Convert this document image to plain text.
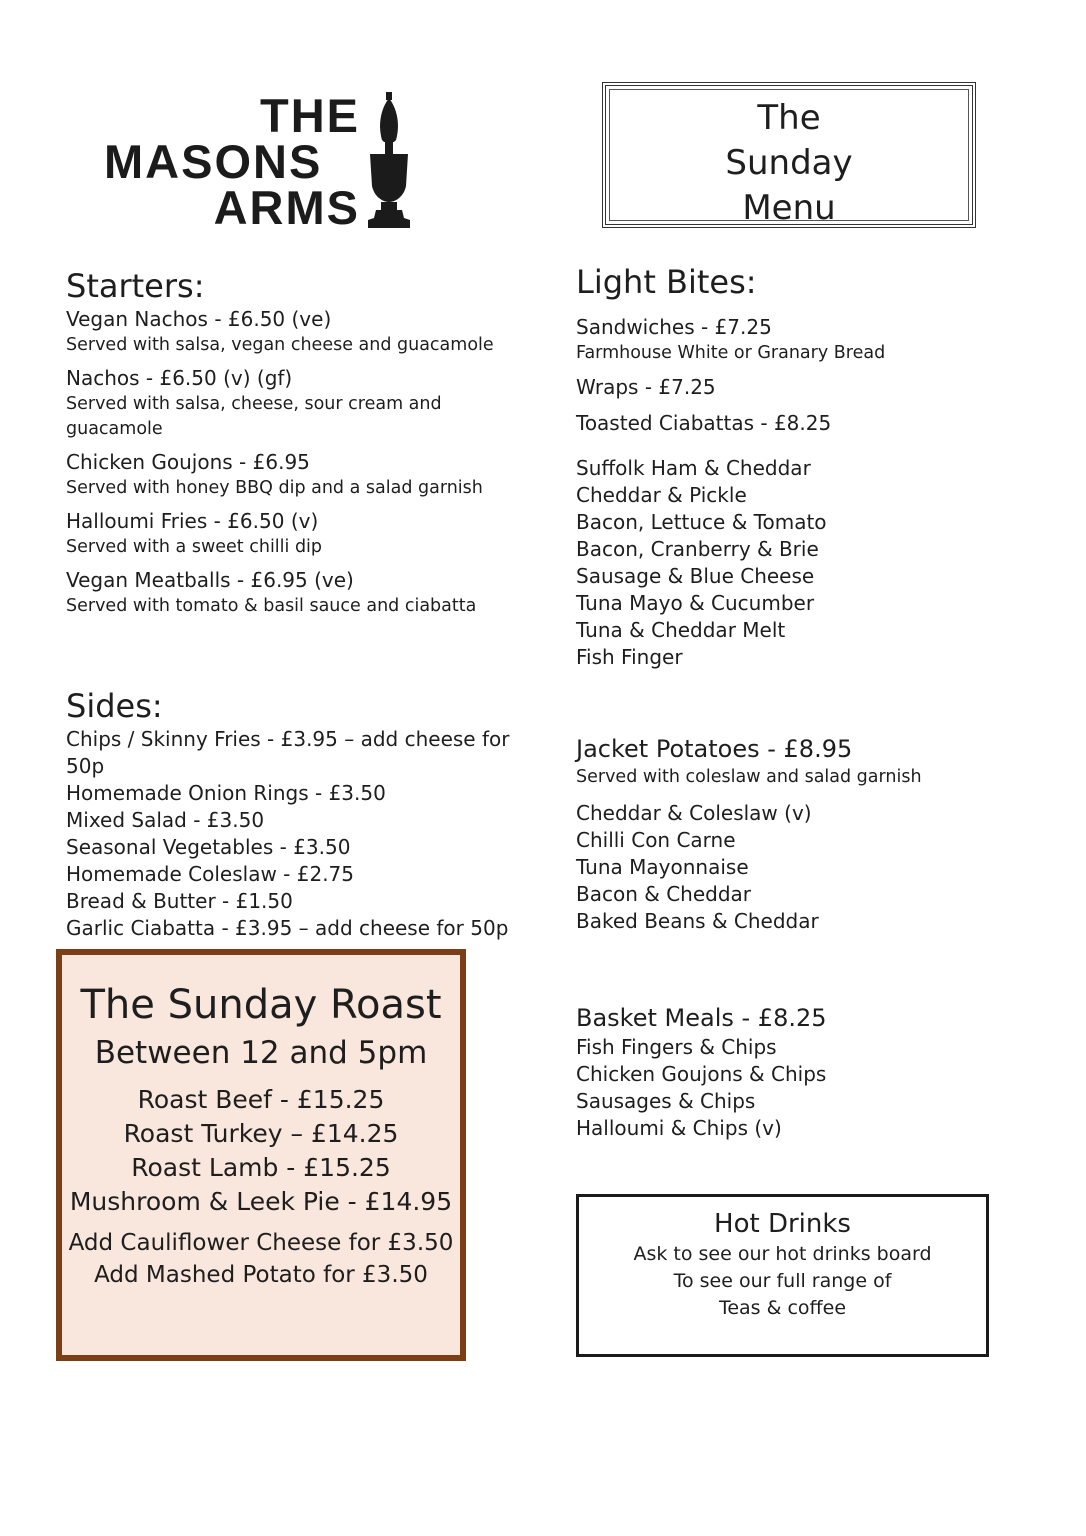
THE
MASONS
ARMS
The
Sunday
Menu
Starters:
Vegan Nachos - £6.50 (ve)
Served with salsa, vegan cheese and guacamole
Nachos - £6.50 (v) (gf)
Served with salsa, cheese, sour cream and guacamole
Chicken Goujons - £6.95
Served with honey BBQ dip and a salad garnish
Halloumi Fries - £6.50 (v)
Served with a sweet chilli dip
Vegan Meatballs - £6.95 (ve)
Served with tomato & basil sauce and ciabatta
Sides:
Chips / Skinny Fries - £3.95 – add cheese for 50p
Homemade Onion Rings - £3.50
Mixed Salad - £3.50
Seasonal Vegetables - £3.50
Homemade Coleslaw - £2.75
Bread & Butter - £1.50
Garlic Ciabatta - £3.95 – add cheese for 50p
The Sunday Roast
Between 12 and 5pm
Roast Beef - £15.25
Roast Turkey – £14.25
Roast Lamb - £15.25
Mushroom & Leek Pie - £14.95
Add Cauliflower Cheese for £3.50
Add Mashed Potato for £3.50
Light Bites:
Sandwiches - £7.25
Farmhouse White or Granary Bread
Wraps - £7.25
Toasted Ciabattas - £8.25
Suffolk Ham & Cheddar
Cheddar & Pickle
Bacon, Lettuce & Tomato
Bacon, Cranberry & Brie
Sausage & Blue Cheese
Tuna Mayo & Cucumber
Tuna & Cheddar Melt
Fish Finger
Jacket Potatoes - £8.95
Served with coleslaw and salad garnish
Cheddar & Coleslaw (v)
Chilli Con Carne
Tuna Mayonnaise
Bacon & Cheddar
Baked Beans & Cheddar
Basket Meals - £8.25
Fish Fingers & Chips
Chicken Goujons & Chips
Sausages & Chips
Halloumi & Chips (v)
Hot Drinks
Ask to see our hot drinks board
To see our full range of
Teas & coffee
